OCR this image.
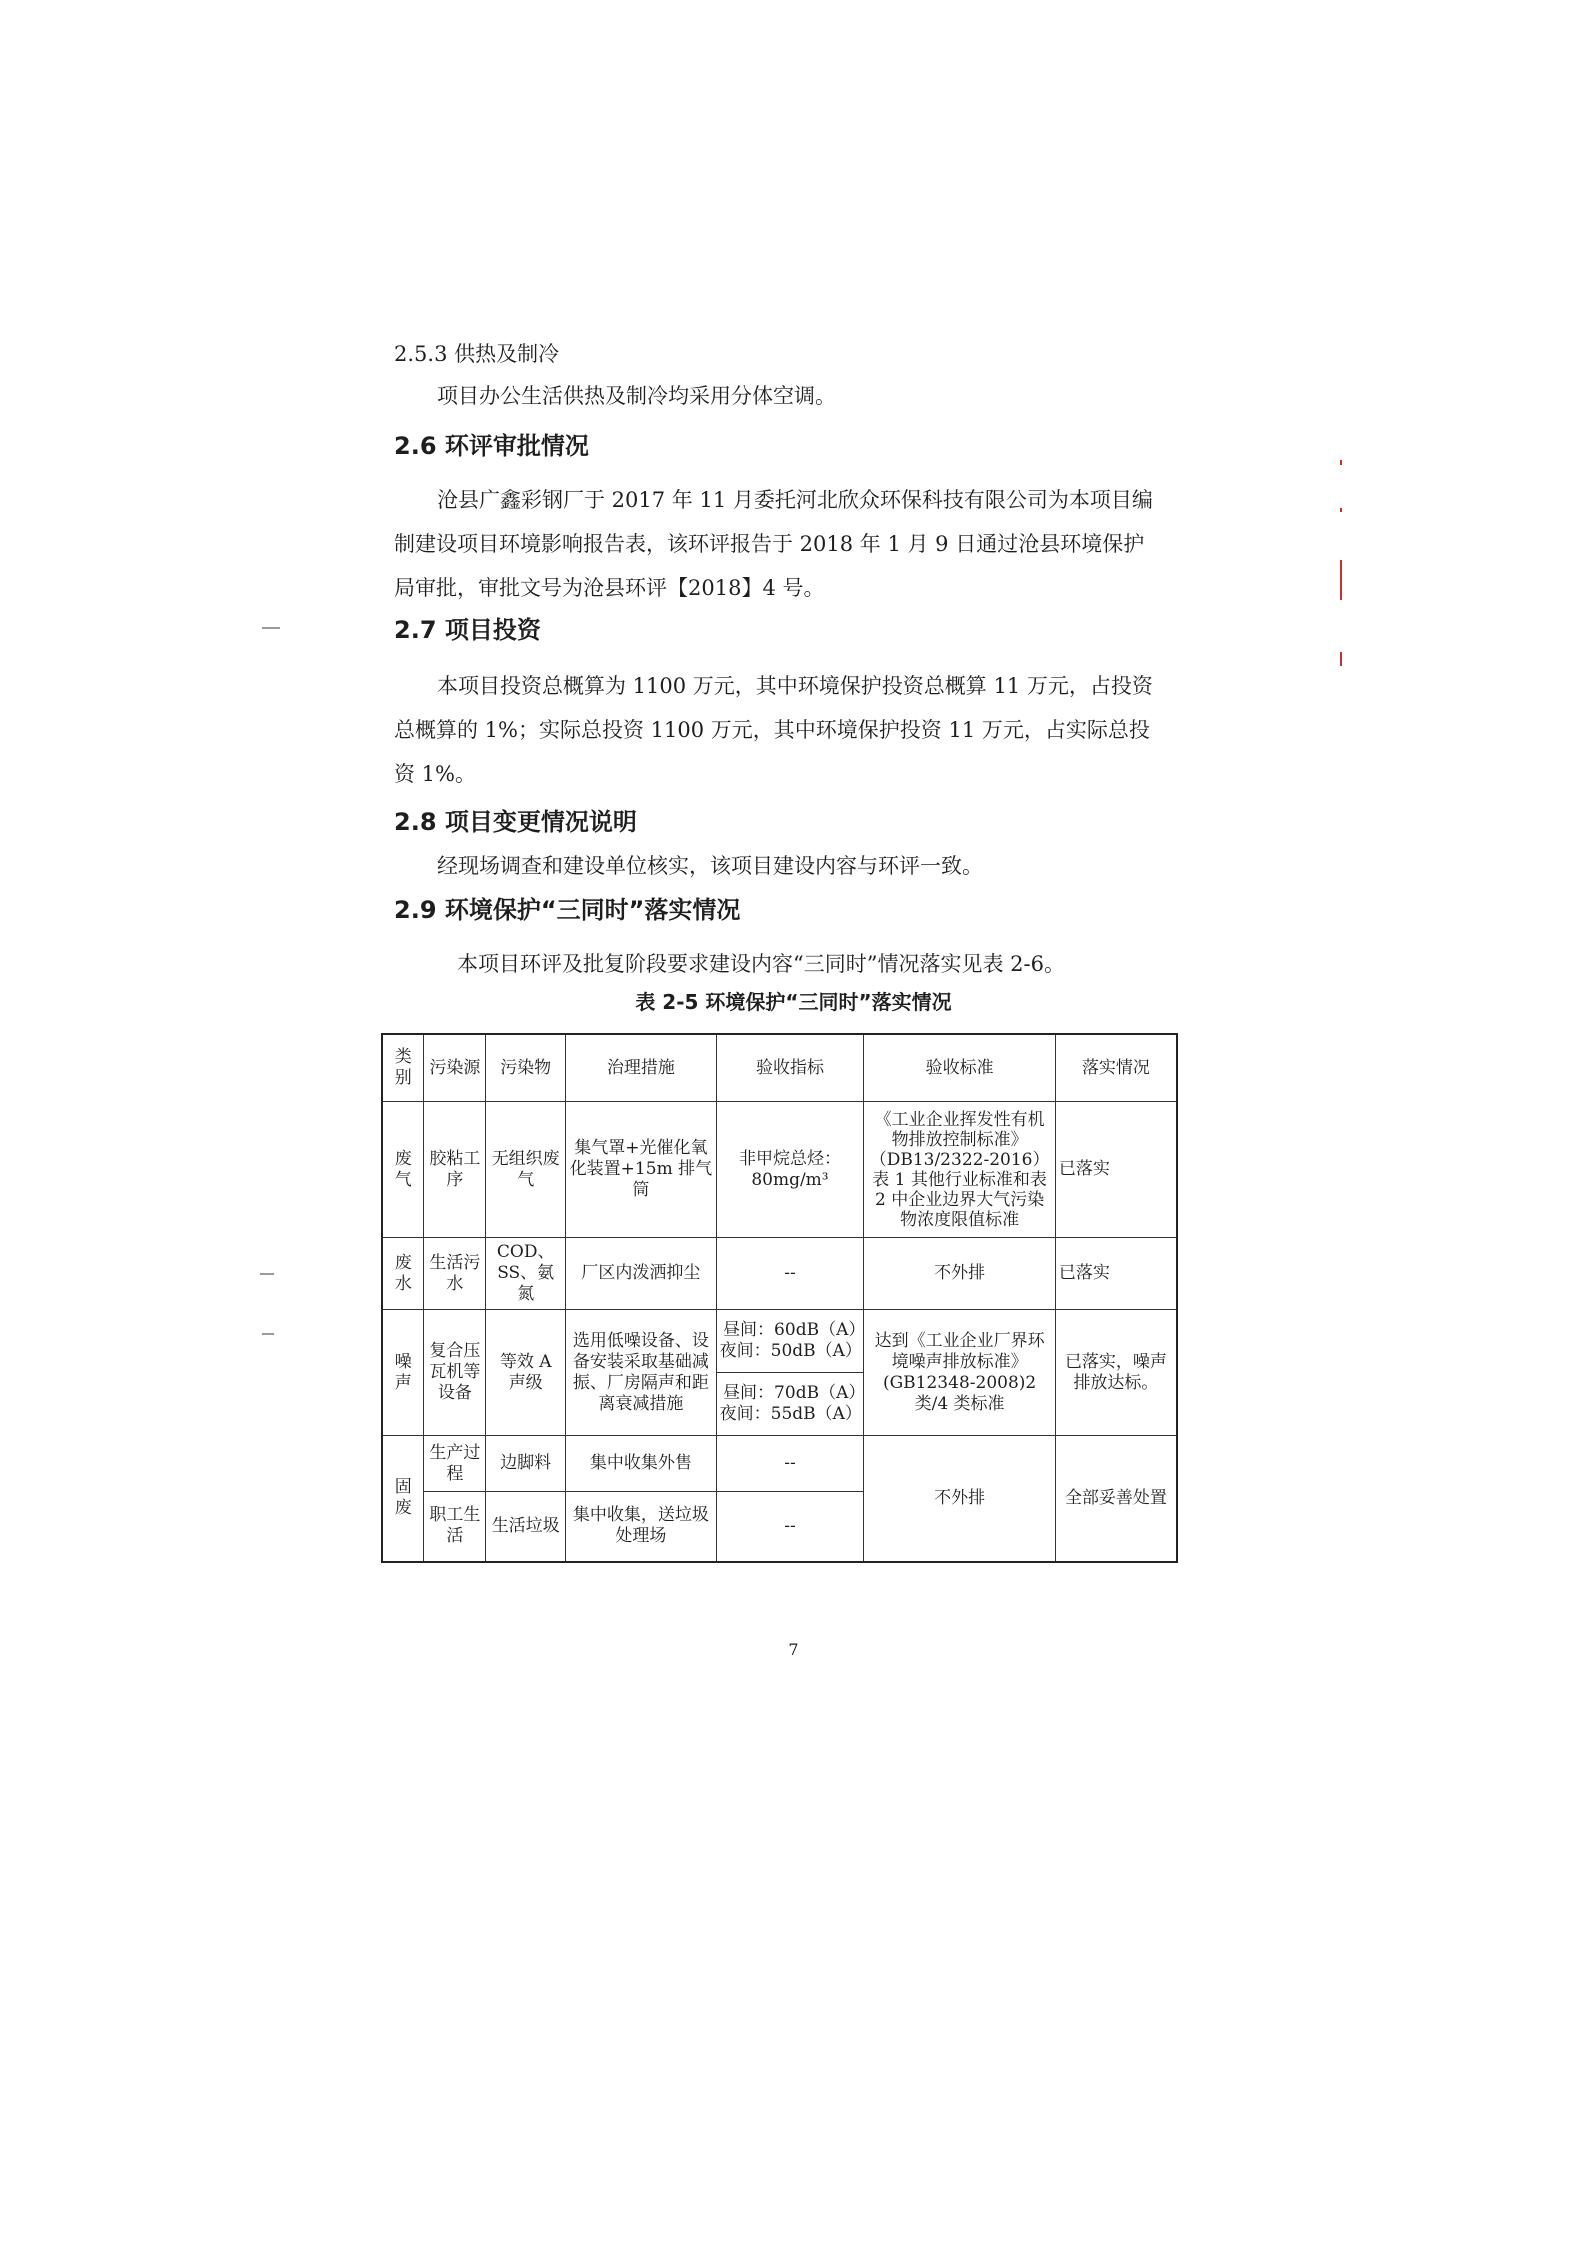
2.5.3 供热及制冷
项目办公生活供热及制冷均采用分体空调。
2.6 环评审批情况
沧县广鑫彩钢厂于 2017 年 11 月委托河北欣众环保科技有限公司为本项目编
制建设项目环境影响报告表，该环评报告于 2018 年 1 月 9 日通过沧县环境保护
局审批，审批文号为沧县环评【2018】4 号。
2.7 项目投资
本项目投资总概算为 1100 万元，其中环境保护投资总概算 11 万元，占投资
总概算的 1%；实际总投资 1100 万元，其中环境保护投资 11 万元，占实际总投
资 1%。
2.8 项目变更情况说明
经现场调查和建设单位核实，该项目建设内容与环评一致。
2.9 环境保护“三同时”落实情况
本项目环评及批复阶段要求建设内容“三同时”情况落实见表 2-6。
表 2-5 环境保护“三同时”落实情况
类别	污染源	污染物	治理措施	验收指标	验收标准	落实情况
废气	胶粘工序	无组织废气	集气罩+光催化氧化装置+15m 排气筒	非甲烷总烃：80mg/m³	《工业企业挥发性有机物排放控制标准》（DB13/2322-2016）表 1 其他行业标准和表 2 中企业边界大气污染物浓度限值标准	已落实
废水	生活污水	COD、SS、氨氮	厂区内泼洒抑尘	--	不外排	已落实
噪声	复合压瓦机等设备	等效 A 声级	选用低噪设备、设备安装采取基础减振、厂房隔声和距离衰减措施	昼间：60dB（A）夜间：50dB（A）	达到《工业企业厂界环境噪声排放标准》(GB12348-2008)2 类/4 类标准	已落实，噪声排放达标。
				昼间：70dB（A）夜间：55dB（A）		
固废	生产过程	边脚料	集中收集外售	--	不外排	全部妥善处置
	职工生活	生活垃圾	集中收集，送垃圾处理场	--		
7
